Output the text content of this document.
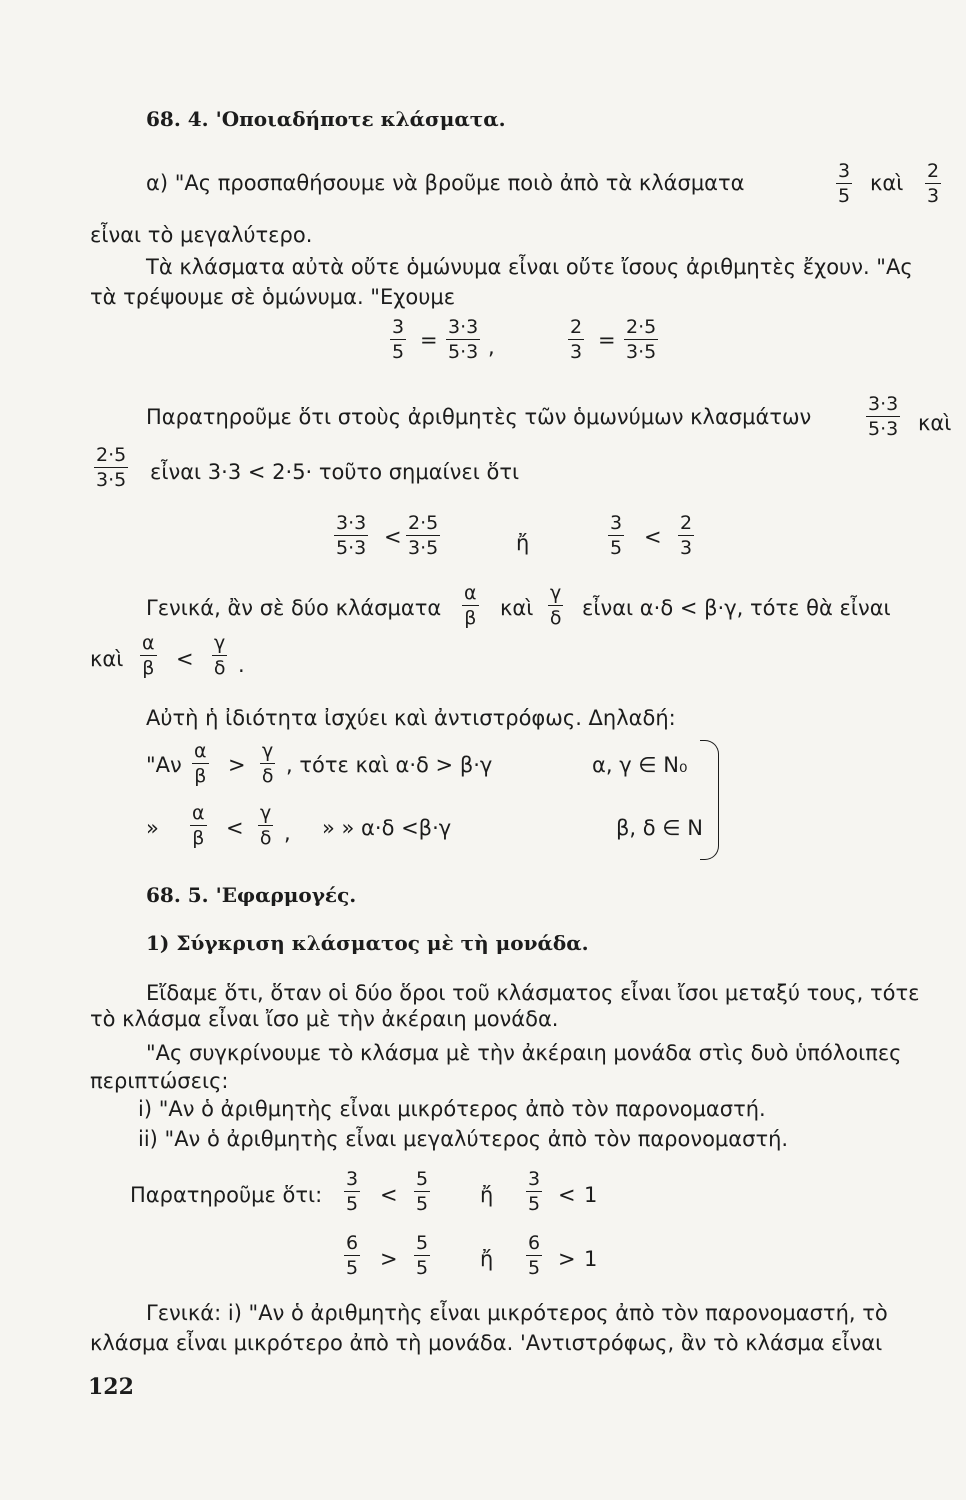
68. 4. 'Οποιαδήποτε κλάσματα.
α) "Ας προσπαθήσουμε νὰ βροῦμε ποιὸ ἀπὸ τὰ κλάσματα	$\frac{3}{5}$ καὶ $\frac{2}{3}$
εἶναι τὸ μεγαλύτερο.
Τὰ κλάσματα αὐτὰ οὔτε ὁμώνυμα εἶναι οὔτε ἴσους ἀριθμητὲς ἔχουν. "Ας
τὰ τρέψουμε σὲ ὁμώνυμα. "Εχουμε
$\frac{3}{5} = \frac{3\cdot 3}{5\cdot 3}$ ,	$\frac{2}{3} = \frac{2\cdot 5}{3\cdot 5}$
Παρατηροῦμε ὅτι στοὺς ἀριθμητὲς τῶν ὁμωνύμων κλασμάτων	$\frac{3\cdot 3}{5\cdot 3}$ καὶ
$\frac{2\cdot 5}{3\cdot 5}$ εἶναι 3·3 < 2·5· τοῦτο σημαίνει ὅτι
$\frac{3\cdot 3}{5\cdot 3} < \frac{2\cdot 5}{3\cdot 5}$	ἤ	$\frac{3}{5} < \frac{2}{3}$
Γενικά, ἂν σὲ δύο κλάσματα $\frac{\alpha}{\beta}$ καὶ $\frac{\gamma}{\delta}$ εἶναι α·δ < β·γ, τότε θὰ εἶναι
καὶ $\frac{\alpha}{\beta} < \frac{\gamma}{\delta}$ .
Αὐτὴ ἡ ἰδιότητα ἰσχύει καὶ ἀντιστρόφως. Δηλαδή:
"$A\nu \frac{\alpha}{\beta} > \frac{\gamma}{\delta}$ , τότε καὶ α·δ > β·γ	α, γ ∈ N₀
» $\frac{\alpha}{\beta} < \frac{\gamma}{\delta}$ , » » α·δ <β·γ	β, δ ∈ N
68. 5. 'Εφαρμογές.
1) Σύγκριση κλάσματος μὲ τὴ μονάδα.
Εἴδαμε ὅτι, ὅταν οἱ δύο ὅροι τοῦ κλάσματος εἶναι ἴσοι μεταξύ τους, τότε
τὸ κλάσμα εἶναι ἴσο μὲ τὴν ἀκέραιη μονάδα.
"Ας συγκρίνουμε τὸ κλάσμα μὲ τὴν ἀκέραιη μονάδα στὶς δυὸ ὑπόλοιπες
περιπτώσεις:
i) "Αν ὁ ἀριθμητὴς εἶναι μικρότερος ἀπὸ τὸν παρονομαστή.
ii) "Αν ὁ ἀριθμητὴς εἶναι μεγαλύτερος ἀπὸ τὸν παρονομαστή.
Παρατηροῦμε ὅτι: $\frac{3}{5} < \frac{5}{5}$ ἤ $\frac{3}{5} < 1$
$\frac{6}{5} > \frac{5}{5}$ ἤ $\frac{6}{5} > 1$
Γενικά: i) "Αν ὁ ἀριθμητὴς εἶναι μικρότερος ἀπὸ τὸν παρονομαστή, τὸ
κλάσμα εἶναι μικρότερο ἀπὸ τὴ μονάδα. 'Αντιστρόφως, ἂν τὸ κλάσμα εἶναι
122
